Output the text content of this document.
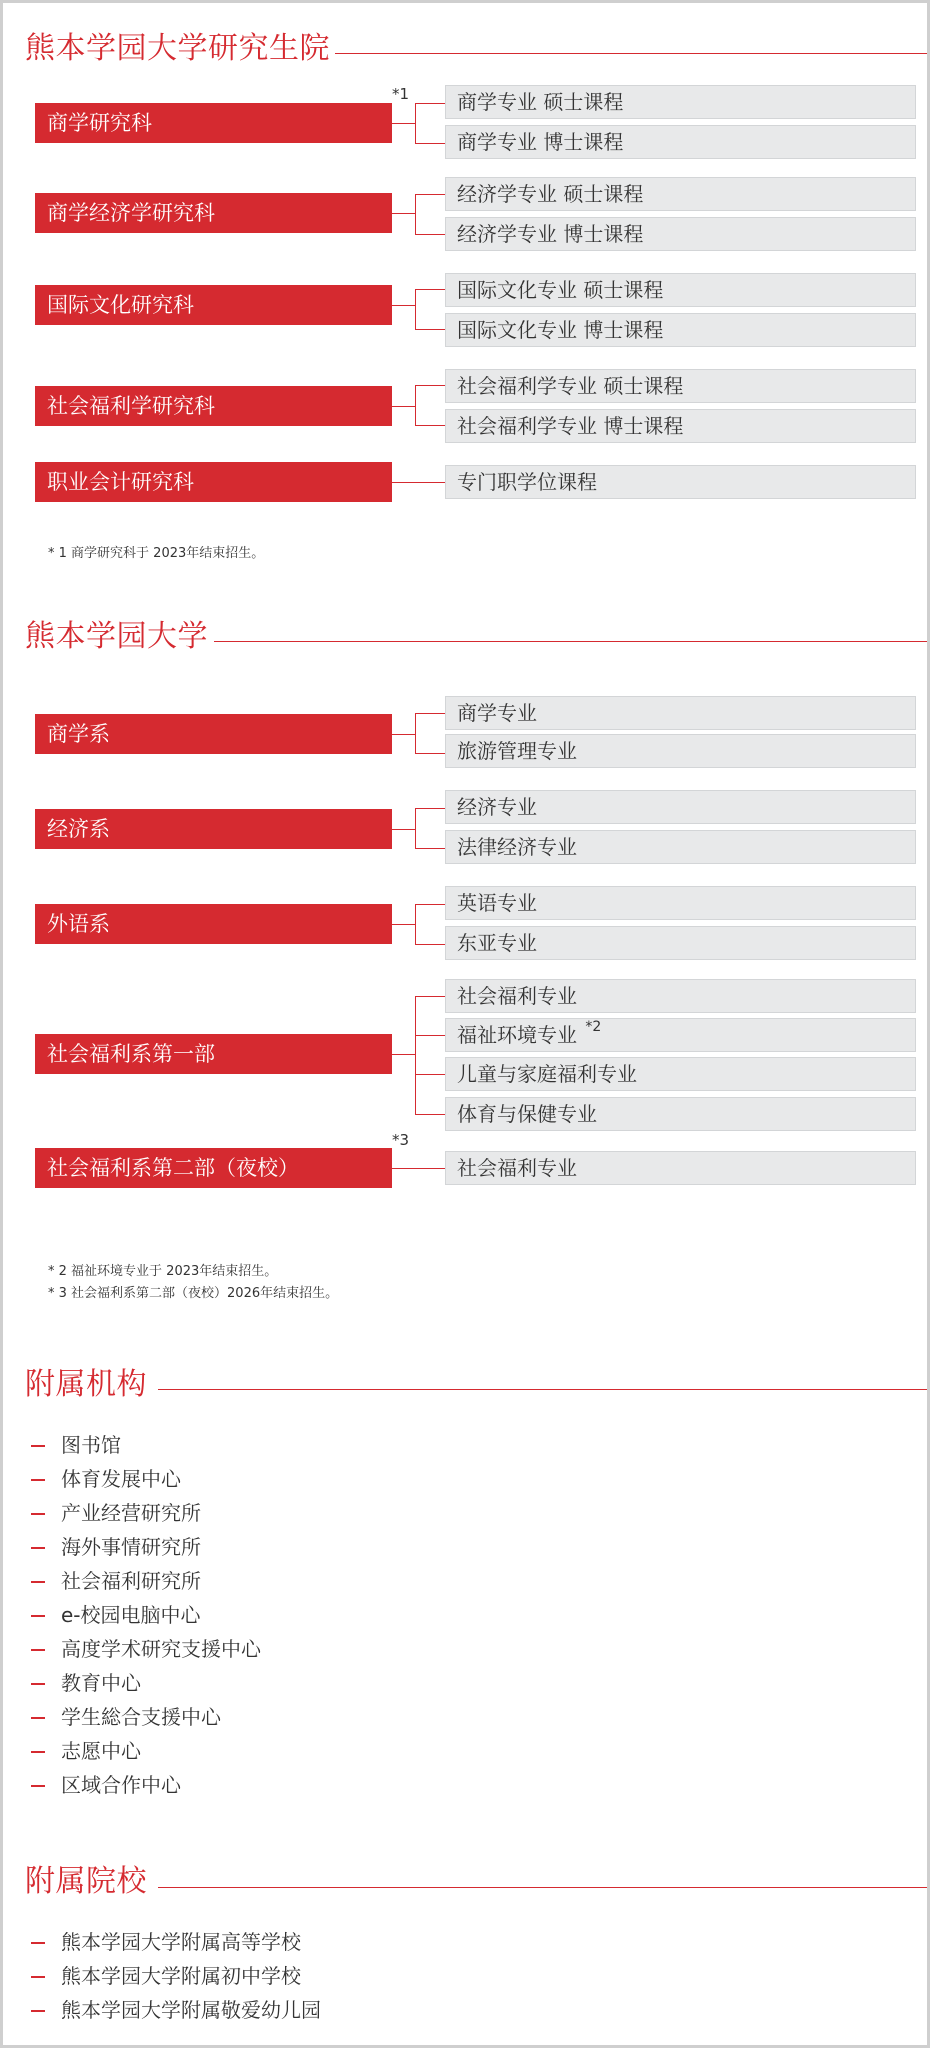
熊本学园大学研究生院
商学研究科
*1	商学专业 硕士课程
商学专业 博士课程
商学经济学研究科
经济学专业 硕士课程
经济学专业 博士课程
国际文化研究科
国际文化专业 硕士课程
国际文化专业 博士课程
社会福利学研究科
社会福利学专业 硕士课程
社会福利学专业 博士课程
职业会计研究科	专门职学位课程
* 1 商学研究科于 2023年结束招生。
熊本学园大学
商学系
商学专业
旅游管理专业
经济系
经济专业
法律经济专业
外语系
英语专业
东亚专业
社会福利系第一部
社会福利专业
福祉环境专业 $^{*2}$
儿童与家庭福利专业
体育与保健专业
社会福利系第二部（夜校）
*3
社会福利专业
* 2 福祉环境专业于 2023年结束招生。
* 3 社会福利系第二部（夜校）2026年结束招生。
附属机构
图书馆
体育发展中心
产业经营研究所
海外事情研究所
社会福利研究所
e-校园电脑中心
高度学术研究支援中心
教育中心
学生総合支援中心
志愿中心
区域合作中心
附属院校
熊本学园大学附属高等学校
熊本学园大学附属初中学校
熊本学园大学附属敬爱幼儿园
